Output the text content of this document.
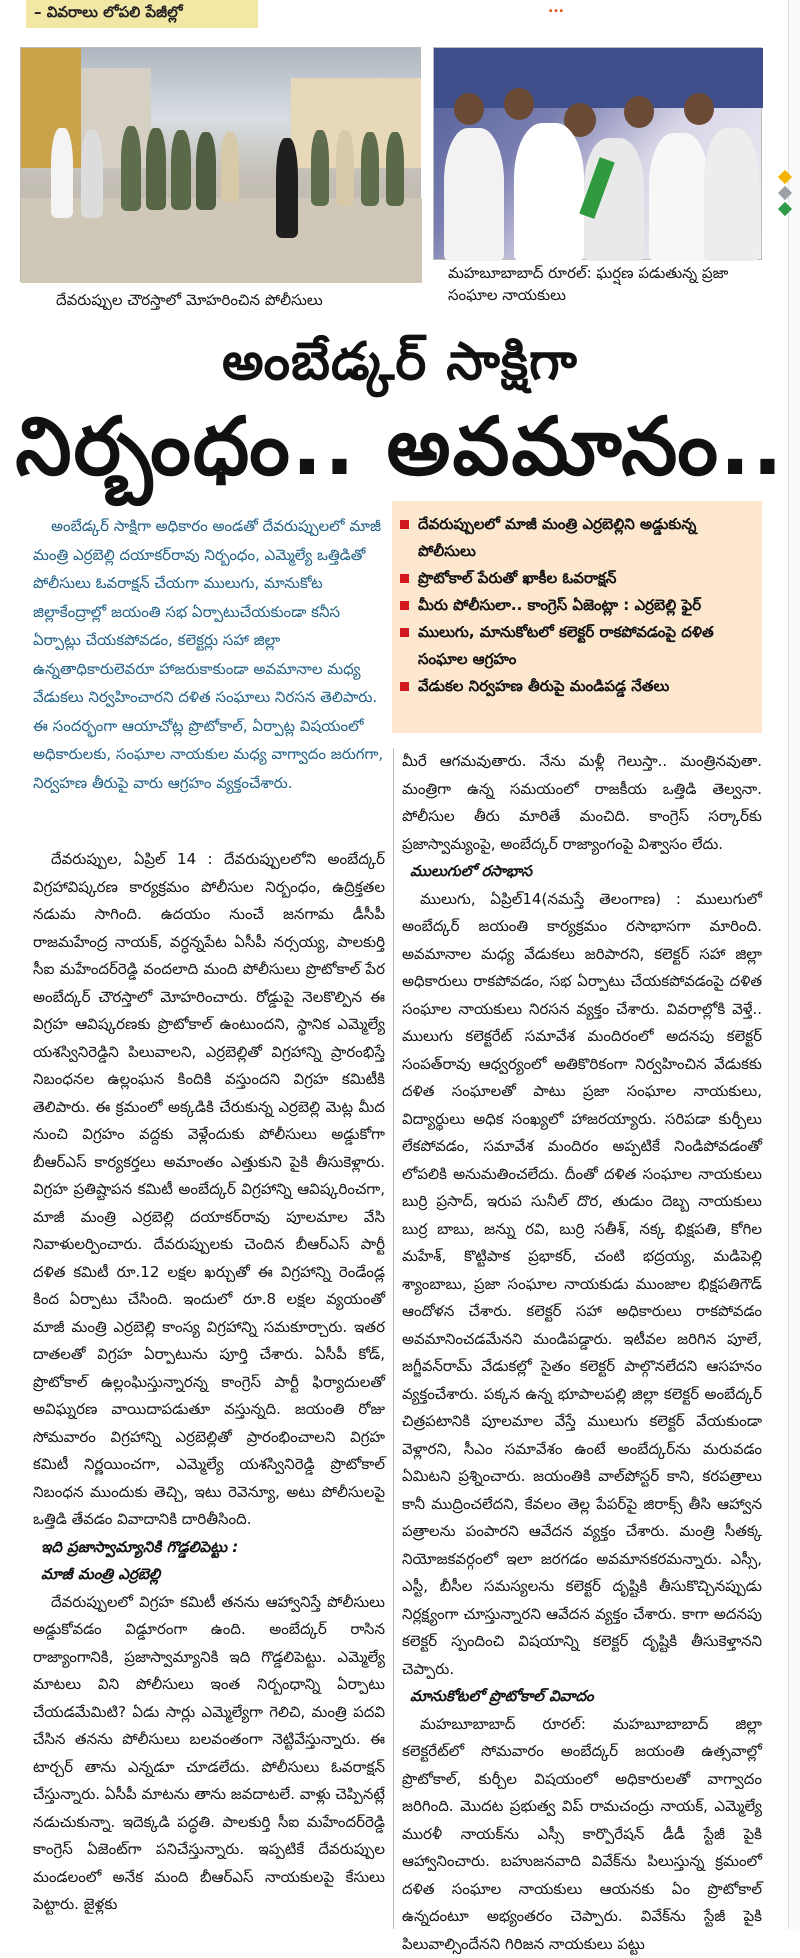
– వివరాలు లోపలి పేజీల్లో	...
దేవరుప్పుల చౌరస్తాలో మోహరించిన పోలీసులు
మహబూబాబాద్ రూరల్: ఘర్షణ పడుతున్న ప్రజా సంఘాల నాయకులు
అంబేడ్కర్ సాక్షిగా
నిర్బంధం.. అవమానం..
అంబేడ్కర్ సాక్షిగా అధికారం అండతో దేవరుప్పులలో మాజీ మంత్రి ఎర్రబెల్లి దయాకర్‌రావు నిర్బంధం, ఎమ్మెల్యే ఒత్తిడితో పోలీసులు ఓవరాక్షన్ చేయగా ములుగు, మానుకోట జిల్లాకేంద్రాల్లో జయంతి సభ ఏర్పాటుచేయకుండా కనీస ఏర్పాట్లు చేయకపోవడం, కలెక్టర్లు సహా జిల్లా ఉన్నతాధికారులెవరూ హాజరుకాకుండా అవమానాల మధ్య వేడుకలు నిర్వహించారని దళిత సంఘాలు నిరసన తెలిపారు. ఈ సందర్భంగా ఆయాచోట్ల ప్రొటోకాల్, ఏర్పాట్ల విషయంలో అధికారులకు, సంఘాల నాయకుల మధ్య వాగ్వాదం జరుగగా, నిర్వహణ తీరుపై వారు ఆగ్రహం వ్యక్తంచేశారు.
దేవరుప్పులలో మాజీ మంత్రి ఎర్రబెల్లిని అడ్డుకున్న పోలీసులు
ప్రొటోకాల్ పేరుతో ఖాకీల ఓవరాక్షన్
మీరు పోలీసులా.. కాంగ్రెస్ ఏజెంట్లా : ఎర్రబెల్లి ఫైర్
ములుగు, మానుకోటలో కలెక్టర్ రాకపోవడంపై దళిత సంఘాల ఆగ్రహం
వేడుకల నిర్వహణ తీరుపై మండిపడ్డ నేతలు

దేవరుప్పుల, ఏప్రిల్ 14 : దేవరుప్పులలోని అంబేద్కర్ విగ్రహావిష్కరణ కార్యక్రమం పోలీసుల నిర్బంధం, ఉద్రిక్తతల నడుమ సాగింది. ఉదయం నుంచే జనగామ డీసీపీ రాజమహేంద్ర నాయక్, వర్ధన్నపేట ఏసీపీ నర్సయ్య, పాలకుర్తి సీఐ మహేందర్‌రెడ్డి వందలాది మంది పోలీసులు ప్రొటోకాల్ పేర అంబేద్కర్ చౌరస్తాలో మోహరించారు. రోడ్డుపై నెలకొల్పిన ఈ విగ్రహ ఆవిష్కరణకు ప్రొటోకాల్ ఉంటుందని, స్థానిక ఎమ్మెల్యే యశస్వినిరెడ్డిని పిలువాలని, ఎర్రబెల్లితో విగ్రహాన్ని ప్రారంభిస్తే నిబంధనల ఉల్లంఘన కిందికి వస్తుందని విగ్రహ కమిటీకి తెలిపారు. ఈ క్రమంలో అక్కడికి చేరుకున్న ఎర్రబెల్లి మెట్ల మీద నుంచి విగ్రహం వద్దకు వెళ్లేందుకు పోలీసులు అడ్డుకోగా బీఆర్‌ఎస్ కార్యకర్తలు అమాంతం ఎత్తుకుని పైకి తీసుకెళ్లారు. విగ్రహ ప్రతిష్టాపన కమిటీ అంబేద్కర్ విగ్రహాన్ని ఆవిష్కరించగా, మాజీ మంత్రి ఎర్రబెల్లి దయాకర్‌రావు పూలమాల వేసి నివాళులర్పించారు. దేవరుప్పులకు చెందిన బీఆర్‌ఎస్ పార్టీ దళిత కమిటీ రూ.12 లక్షల ఖర్చుతో ఈ విగ్రహాన్ని రెండేండ్ల కింద ఏర్పాటు చేసింది. ఇందులో రూ.8 లక్షల వ్యయంతో మాజీ మంత్రి ఎర్రబెల్లి కాంస్య విగ్రహాన్ని సమకూర్చారు. ఇతర దాతలతో విగ్రహ ఏర్పాటును పూర్తి చేశారు. ఏసీపీ కోడ్, ప్రొటోకాల్ ఉల్లంఘిస్తున్నారన్న కాంగ్రెస్ పార్టీ ఫిర్యాదులతో అవిఘ్నరణ వాయిదాపడుతూ వస్తున్నది. జయంతి రోజు సోమవారం విగ్రహాన్ని ఎర్రబెల్లితో ప్రారంభించాలని విగ్రహ కమిటీ నిర్ణయించగా, ఎమ్మెల్యే యశస్వినిరెడ్డి ప్రొటోకాల్ నిబంధన ముందుకు తెచ్చి, ఇటు రెవెన్యూ, అటు పోలీసులపై ఒత్తిడి తేవడం వివాదానికి దారితీసింది.

ఇది ప్రజాస్వామ్యానికి గొడ్డలిపెట్టు :

మాజీ మంత్రి ఎర్రబెల్లి

దేవరుప్పులలో విగ్రహ కమిటీ తనను ఆహ్వానిస్తే పోలీసులు అడ్డుకోవడం విడ్డూరంగా ఉంది. అంబేద్కర్ రాసిన రాజ్యాంగానికి, ప్రజాస్వామ్యానికి ఇది గొడ్డలిపెట్టు. ఎమ్మెల్యే మాటలు విని పోలీసులు ఇంత నిర్బంధాన్ని ఏర్పాటు చేయడమేమిటి? ఏడు సార్లు ఎమ్మెల్యేగా గెలిచి, మంత్రి పదవి చేసిన తనను పోలీసులు బలవంతంగా నెట్టివేస్తున్నారు. ఈ టార్చర్ తాను ఎన్నడూ చూడలేదు. పోలీసులు ఓవరాక్షన్ చేస్తున్నారు. ఏసీపీ మాటను తాను జవదాటలే. వాళ్లు చెప్పినట్లే నడుచుకున్నా. ఇదెక్కడి పద్ధతి. పాలకుర్తి సీఐ మహేందర్‌రెడ్డి కాంగ్రెస్ ఏజెంట్‌గా పనిచేస్తున్నారు. ఇప్పటికే దేవరుప్పుల మండలంలో అనేక మంది బీఆర్‌ఎస్ నాయకులపై కేసులు పెట్టారు. జైళ్లకు

మీరే ఆగమవుతారు. నేను మళ్లీ గెలుస్తా.. మంత్రినవుతా. మంత్రిగా ఉన్న సమయంలో రాజకీయ ఒత్తిడి తెల్వనా. పోలీసుల తీరు మారితే మంచిది. కాంగ్రెస్ సర్కార్‌కు ప్రజాస్వామ్యంపై, అంబేద్కర్ రాజ్యాంగంపై విశ్వాసం లేదు.

ములుగులో రసాభాస

ములుగు, ఏప్రిల్14(నమస్తే తెలంగాణ) : ములుగులో అంబేద్కర్ జయంతి కార్యక్రమం రసాభాసగా మారింది. అవమానాల మధ్య వేడుకలు జరిపారని, కలెక్టర్ సహా జిల్లా అధికారులు రాకపోవడం, సభ ఏర్పాటు చేయకపోవడంపై దళిత సంఘాల నాయకులు నిరసన వ్యక్తం చేశారు. వివరాల్లోకి వెళ్తే.. ములుగు కలెక్టరేట్ సమావేశ మందిరంలో అదనపు కలెక్టర్ సంపత్‌రావు ఆధ్వర్యంలో అతికొరికంగా నిర్వహించిన వేడుకకు దళిత సంఘాలతో పాటు ప్రజా సంఘాల నాయకులు, విద్యార్థులు అధిక సంఖ్యలో హాజరయ్యారు. సరిపడా కుర్చీలు లేకపోవడం, సమావేశ మందిరం అప్పటికే నిండిపోవడంతో లోపలికి అనుమతించలేదు. దీంతో దళిత సంఘాల నాయకులు బుర్రి ప్రసాద్, ఇరుప సునీల్ దొర, తుడుం దెబ్బ నాయకులు బుర్ర బాబు, జన్ను రవి, బుర్రి సతీశ్, నక్క భిక్షపతి, కోగిల మహేశ్, కొట్టిపాక ప్రభాకర్, చంటి భద్రయ్య, మడిపెల్లి శ్యాంబాబు, ప్రజా సంఘాల నాయకుడు ముంజాల భిక్షపతిగౌడ్ ఆందోళన చేశారు. కలెక్టర్ సహా అధికారులు రాకపోవడం అవమానించడమేనని మండిపడ్డారు. ఇటీవల జరిగిన పూలే, జగ్జీవన్‌రామ్ వేడుకల్లో సైతం కలెక్టర్ పాల్గొనలేదని ఆసహనం వ్యక్తంచేశారు. పక్కన ఉన్న భూపాలపల్లి జిల్లా కలెక్టర్ అంబేద్కర్ చిత్రపటానికి పూలమాల వేస్తే ములుగు కలెక్టర్ వేయకుండా వెళ్లారని, సీఎం సమావేశం ఉంటే అంబేద్కర్‌ను మరువడం ఏమిటని ప్రశ్నించారు. జయంతికి వాల్‌పోస్టర్ కాని, కరపత్రాలు కానీ ముద్రించలేదని, కేవలం తెల్ల పేపర్‌పై జిరాక్స్ తీసి ఆహ్వాన పత్రాలను పంపారని ఆవేదన వ్యక్తం చేశారు. మంత్రి సీతక్క నియోజకవర్గంలో ఇలా జరగడం అవమానకరమన్నారు. ఎస్సీ, ఎస్టీ, బీసీల సమస్యలను కలెక్టర్ దృష్టికి తీసుకొచ్చినప్పుడు నిర్లక్ష్యంగా చూస్తున్నారని ఆవేదన వ్యక్తం చేశారు. కాగా అదనపు కలెక్టర్ స్పందించి విషయాన్ని కలెక్టర్ దృష్టికి తీసుకెళ్తానని చెప్పారు.

మానుకోటలో ప్రొటోకాల్ వివాదం

మహబూబాబాద్ రూరల్: మహబూబాబాద్ జిల్లా కలెక్టరేట్‌లో సోమవారం అంబేద్కర్ జయంతి ఉత్సవాల్లో ప్రొటోకాల్, కుర్చీల విషయంలో అధికారులతో వాగ్వాదం జరిగింది. మొదట ప్రభుత్వ విప్ రామచంద్రు నాయక్, ఎమ్మెల్యే మురళీ నాయక్‌ను ఎస్సీ కార్పొరేషన్ డీడీ స్టేజీ పైకి ఆహ్వానించారు. బహుజనవాది వివేక్‌ను పిలుస్తున్న క్రమంలో దళిత సంఘాల నాయకులు ఆయనకు ఏం ప్రొటోకాల్ ఉన్నదంటూ అభ్యంతరం చెప్పారు. వివేక్‌ను స్టేజీ పైకి పిలువాల్సిందేనని గిరిజన నాయకులు పట్టు
